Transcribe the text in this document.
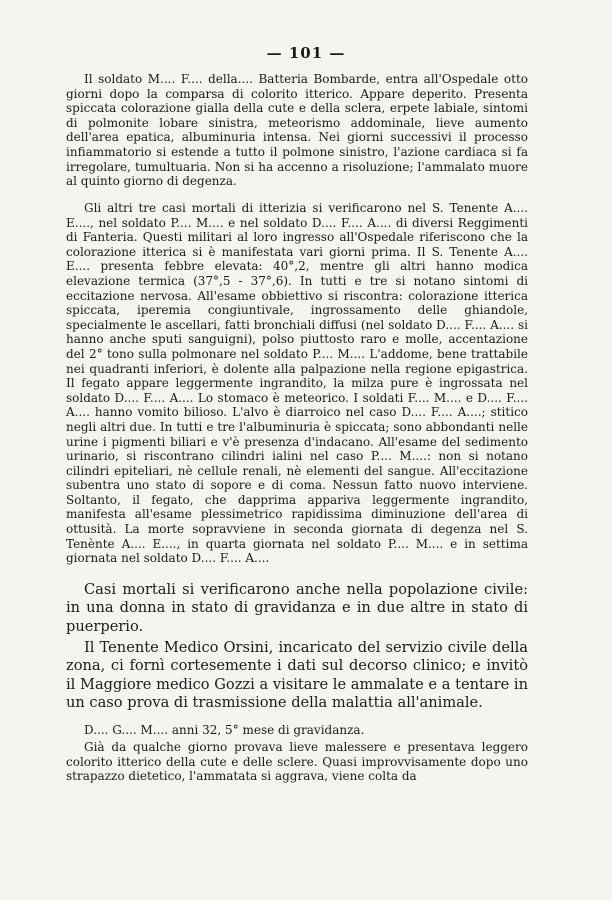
— 101 —

Il soldato M.... F.... della.... Batteria Bombarde, entra all'Ospedale otto giorni dopo la comparsa di colorito itterico. Appare deperito. Presenta spiccata colorazione gialla della cute e della sclera, erpete labiale, sintomi di polmonite lobare sinistra, meteorismo addominale, lieve aumento dell'area epatica, albuminuria intensa. Nei giorni successivi il processo infiammatorio si estende a tutto il polmone sinistro, l'azione cardiaca si fa irregolare, tumultuaria. Non si ha accenno a risoluzione; l'ammalato muore al quinto giorno di degenza.

Gli altri tre casi mortali di itterizia si verificarono nel S. Tenente A.... E...., nel soldato P.... M.... e nel soldato D.... F.... A.... di diversi Reggimenti di Fanteria. Questi militari al loro ingresso all'Ospedale riferiscono che la colorazione itterica si è manifestata vari giorni prima. Il S. Tenente A.... E.... presenta febbre elevata: 40°,2, mentre gli altri hanno modica elevazione termica (37°,5 - 37°,6). In tutti e tre si notano sintomi di eccitazione nervosa. All'esame obbiettivo si riscontra: colorazione itterica spiccata, iperemia congiuntivale, ingrossamento delle ghiandole, specialmente le ascellari, fatti bronchiali diffusi (nel soldato D.... F.... A.... si hanno anche sputi sanguigni), polso piuttosto raro e molle, accentazione del 2° tono sulla polmonare nel soldato P.... M.... L'addome, bene trattabile nei quadranti inferiori, è dolente alla palpazione nella regione epigastrica. Il fegato appare leggermente ingrandito, la milza pure è ingrossata nel soldato D.... F.... A.... Lo stomaco è meteorico. I soldati F.... M.... e D.... F.... A.... hanno vomito bilioso. L'alvo è diarroico nel caso D.... F.... A....; stitico negli altri due. In tutti e tre l'albuminuria è spiccata; sono abbondanti nelle urine i pigmenti biliari e v'è presenza d'indacano. All'esame del sedimento urinario, si riscontrano cilindri ialini nel caso P.... M....: non si notano cilindri epiteliari, nè cellule renali, nè elementi del sangue. All'eccitazione subentra uno stato di sopore e di coma. Nessun fatto nuovo interviene. Soltanto, il fegato, che dapprima appariva leggermente ingrandito, manifesta all'esame plessimetrico rapidissima diminuzione dell'area di ottusità. La morte sopravviene in seconda giornata di degenza nel S. Tenènte A.... E...., in quarta giornata nel soldato P.... M.... e in settima giornata nel soldato D.... F.... A....

Casi mortali si verificarono anche nella popolazione civile: in una donna in stato di gravidanza e in due altre in stato di puerperio.

Il Tenente Medico Orsini, incaricato del servizio civile della zona, ci fornì cortesemente i dati sul decorso clinico; e invitò il Maggiore medico Gozzi a visitare le ammalate e a tentare in un caso prova di trasmissione della malattia all'animale.

D.... G.... M.... anni 32, 5° mese di gravidanza.

Già da qualche giorno provava lieve malessere e presentava leggero colorito itterico della cute e delle sclere. Quasi improvvisamente dopo uno strapazzo dietetico, l'ammatata si aggrava, viene colta da
